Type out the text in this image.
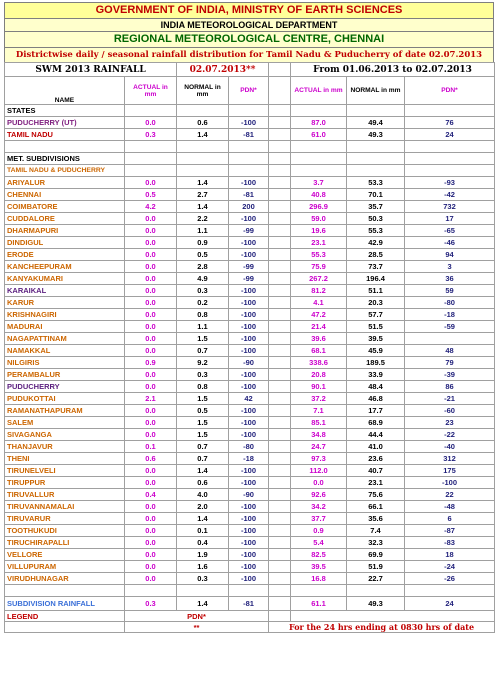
GOVERNMENT OF INDIA, MINISTRY OF EARTH SCIENCES
INDIA METEOROLOGICAL DEPARTMENT
REGIONAL METEOROLOGICAL CENTRE, CHENNAI
Districtwise daily / seasonal rainfall distribution for Tamil Nadu & Puducherry of date 02.07.2013
SWM 2013 RAINFALL		02.07.2013**			From 01.06.2013 to 02.07.2013		
NAME	ACTUAL in mm	NORMAL in mm	PDN*		ACTUAL in mm	NORMAL in mm	PDN*
STATES							
PUDUCHERRY (UT)	0.0	0.6	-100		87.0	49.4	76
TAMIL NADU	0.3	1.4	-81		61.0	49.3	24

MET. SUBDIVISIONS							
TAMIL NADU & PUDUCHERRY							
ARIYALUR	0.0	1.4	-100		3.7	53.3	-93
CHENNAI	0.5	2.7	-81		40.8	70.1	-42
COIMBATORE	4.2	1.4	200		296.9	35.7	732
CUDDALORE	0.0	2.2	-100		59.0	50.3	17
DHARMAPURI	0.0	1.1	-99		19.6	55.3	-65
DINDIGUL	0.0	0.9	-100		23.1	42.9	-46
ERODE	0.0	0.5	-100		55.3	28.5	94
KANCHEEPURAM	0.0	2.8	-99		75.9	73.7	3
KANYAKUMARI	0.0	4.9	-99		267.2	196.4	36
KARAIKAL	0.0	0.3	-100		81.2	51.1	59
KARUR	0.0	0.2	-100		4.1	20.3	-80
KRISHNAGIRI	0.0	0.8	-100		47.2	57.7	-18
MADURAI	0.0	1.1	-100		21.4	51.5	-59
NAGAPATTINAM	0.0	1.5	-100		39.6	39.5	
NAMAKKAL	0.0	0.7	-100		68.1	45.9	48
NILGIRIS	0.9	9.2	-90		338.6	189.5	79
PERAMBALUR	0.0	0.3	-100		20.8	33.9	-39
PUDUCHERRY	0.0	0.8	-100		90.1	48.4	86
PUDUKOTTAI	2.1	1.5	42		37.2	46.8	-21
RAMANATHAPURAM	0.0	0.5	-100		7.1	17.7	-60
SALEM	0.0	1.5	-100		85.1	68.9	23
SIVAGANGA	0.0	1.5	-100		34.8	44.4	-22
THANJAVUR	0.1	0.7	-80		24.7	41.0	-40
THENI	0.6	0.7	-18		97.3	23.6	312
TIRUNELVELI	0.0	1.4	-100		112.0	40.7	175
TIRUPPUR	0.0	0.6	-100		0.0	23.1	-100
TIRUVALLUR	0.4	4.0	-90		92.6	75.6	22
TIRUVANNAMALAI	0.0	2.0	-100		34.2	66.1	-48
TIRUVARUR	0.0	1.4	-100		37.7	35.6	6
TOOTHUKUDI	0.0	0.1	-100		0.9	7.4	-87
TIRUCHIRAPALLI	0.0	0.4	-100		5.4	32.3	-83
VELLORE	0.0	1.9	-100		82.5	69.9	18
VILLUPURAM	0.0	1.6	-100		39.5	51.9	-24
VIRUDHUNAGAR	0.0	0.3	-100		16.8	22.7	-26

SUBDIVISION RAINFALL	0.3	1.4	-81		61.1	49.3	24
LEGEND	PDN*						
	**			For the 24 hrs ending at 0830 hrs of date			
